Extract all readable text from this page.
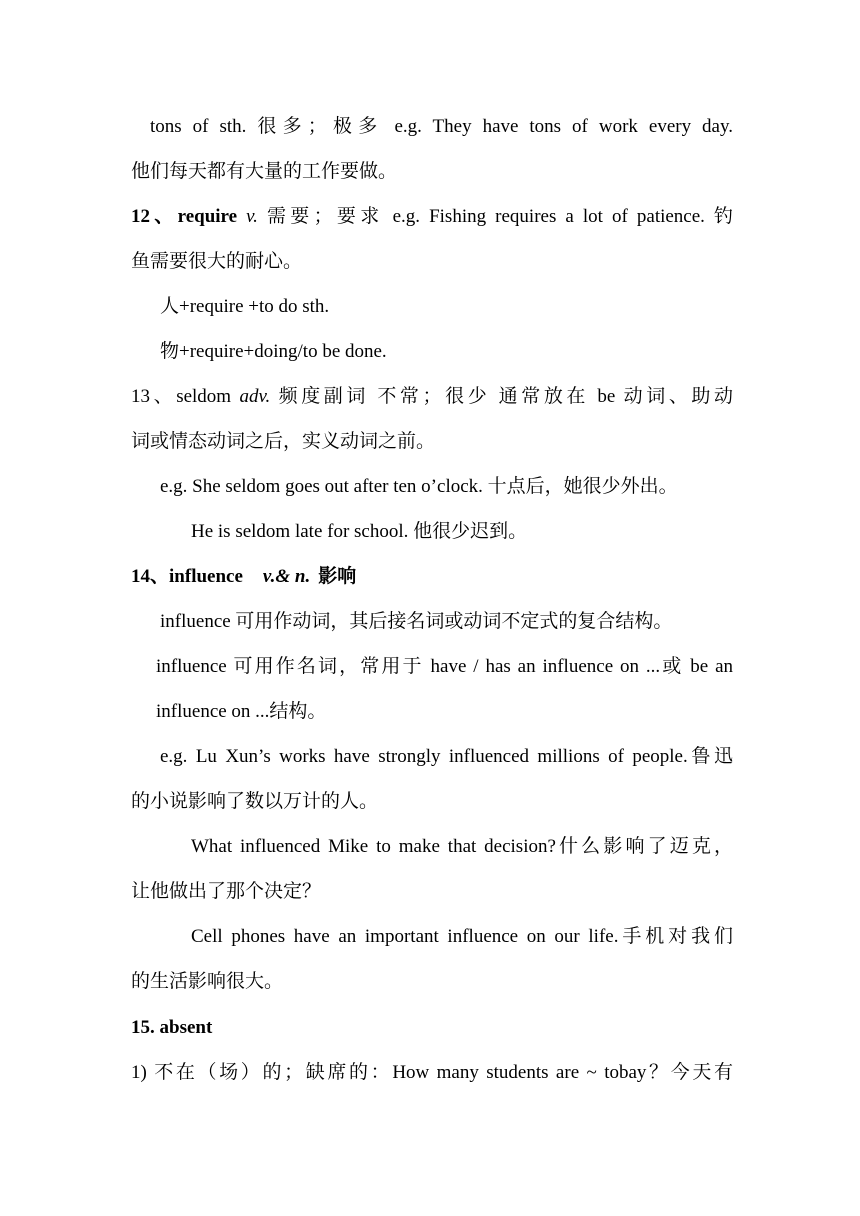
tons of sth. 很多；极多 e.g. They have tons of work every day.
他们每天都有大量的工作要做。
12、require v. 需要；要求 e.g. Fishing requires a lot of patience. 钓
鱼需要很大的耐心。
人+require +to do sth.
物+require+doing/to be done.
13、seldom adv. 频度副词 不常；很少 通常放在 be 动词、助动
词或情态动词之后，实义动词之前。
e.g. She seldom goes out after ten o’clock. 十点后，她很少外出。
He is seldom late for school. 他很少迟到。
14、influence v.& n. 影响
influence 可用作动词，其后接名词或动词不定式的复合结构。
influence 可用作名词，常用于 have / has an influence on ...或 be an
influence on ...结构。
e.g. Lu Xun’s works have strongly influenced millions of people.鲁迅
的小说影响了数以万计的人。
What influenced Mike to make that decision?什么影响了迈克，
让他做出了那个决定？
Cell phones have an important influence on our life.手机对我们
的生活影响很大。
15. absent
1) 不在（场）的；缺席的：How many students are ~ tobay？今天有
